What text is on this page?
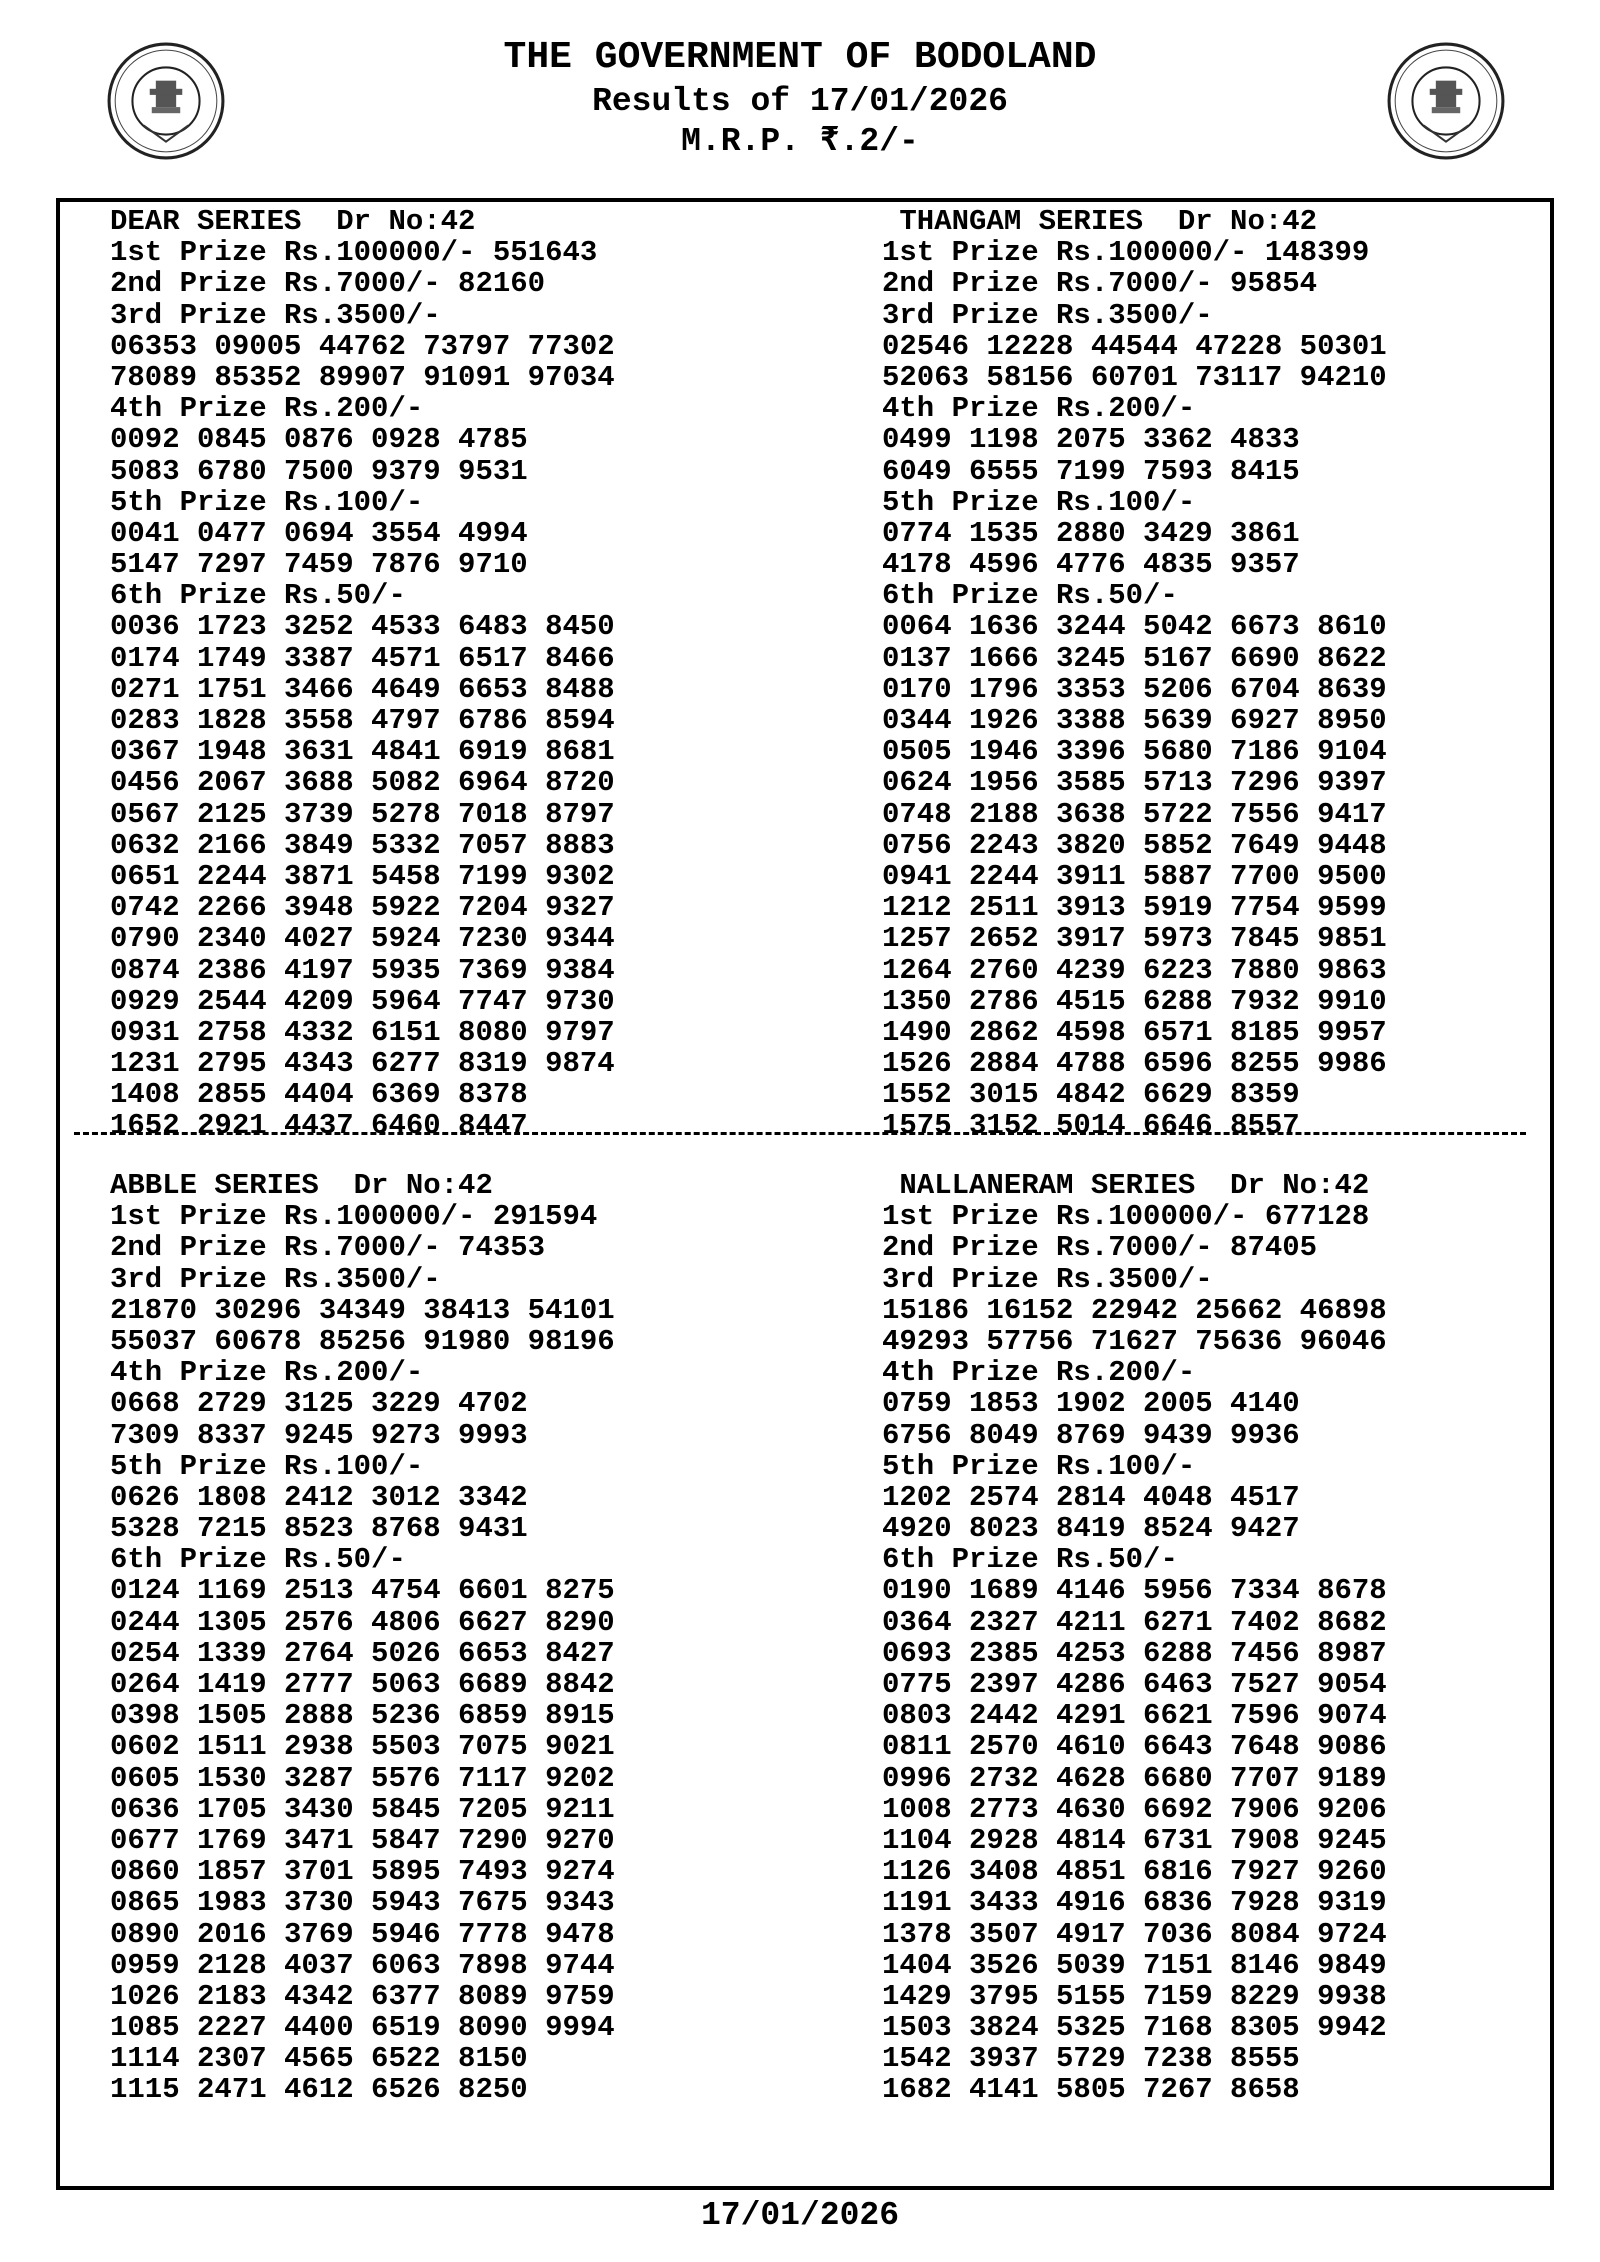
THE GOVERNMENT OF BODOLAND
Results of 17/01/2026
M.R.P. ₹.2/-
DEAR SERIES  Dr No:42
1st Prize Rs.100000/- 551643
2nd Prize Rs.7000/- 82160
3rd Prize Rs.3500/-
06353 09005 44762 73797 77302
78089 85352 89907 91091 97034
4th Prize Rs.200/-
0092 0845 0876 0928 4785
5083 6780 7500 9379 9531
5th Prize Rs.100/-
0041 0477 0694 3554 4994
5147 7297 7459 7876 9710
6th Prize Rs.50/-
0036 1723 3252 4533 6483 8450
0174 1749 3387 4571 6517 8466
0271 1751 3466 4649 6653 8488
0283 1828 3558 4797 6786 8594
0367 1948 3631 4841 6919 8681
0456 2067 3688 5082 6964 8720
0567 2125 3739 5278 7018 8797
0632 2166 3849 5332 7057 8883
0651 2244 3871 5458 7199 9302
0742 2266 3948 5922 7204 9327
0790 2340 4027 5924 7230 9344
0874 2386 4197 5935 7369 9384
0929 2544 4209 5964 7747 9730
0931 2758 4332 6151 8080 9797
1231 2795 4343 6277 8319 9874
1408 2855 4404 6369 8378
1652 2921 4437 6460 8447
THANGAM SERIES  Dr No:42
1st Prize Rs.100000/- 148399
2nd Prize Rs.7000/- 95854
3rd Prize Rs.3500/-
02546 12228 44544 47228 50301
52063 58156 60701 73117 94210
4th Prize Rs.200/-
0499 1198 2075 3362 4833
6049 6555 7199 7593 8415
5th Prize Rs.100/-
0774 1535 2880 3429 3861
4178 4596 4776 4835 9357
6th Prize Rs.50/-
0064 1636 3244 5042 6673 8610
0137 1666 3245 5167 6690 8622
0170 1796 3353 5206 6704 8639
0344 1926 3388 5639 6927 8950
0505 1946 3396 5680 7186 9104
0624 1956 3585 5713 7296 9397
0748 2188 3638 5722 7556 9417
0756 2243 3820 5852 7649 9448
0941 2244 3911 5887 7700 9500
1212 2511 3913 5919 7754 9599
1257 2652 3917 5973 7845 9851
1264 2760 4239 6223 7880 9863
1350 2786 4515 6288 7932 9910
1490 2862 4598 6571 8185 9957
1526 2884 4788 6596 8255 9986
1552 3015 4842 6629 8359
1575 3152 5014 6646 8557
ABBLE SERIES  Dr No:42
1st Prize Rs.100000/- 291594
2nd Prize Rs.7000/- 74353
3rd Prize Rs.3500/-
21870 30296 34349 38413 54101
55037 60678 85256 91980 98196
4th Prize Rs.200/-
0668 2729 3125 3229 4702
7309 8337 9245 9273 9993
5th Prize Rs.100/-
0626 1808 2412 3012 3342
5328 7215 8523 8768 9431
6th Prize Rs.50/-
0124 1169 2513 4754 6601 8275
0244 1305 2576 4806 6627 8290
0254 1339 2764 5026 6653 8427
0264 1419 2777 5063 6689 8842
0398 1505 2888 5236 6859 8915
0602 1511 2938 5503 7075 9021
0605 1530 3287 5576 7117 9202
0636 1705 3430 5845 7205 9211
0677 1769 3471 5847 7290 9270
0860 1857 3701 5895 7493 9274
0865 1983 3730 5943 7675 9343
0890 2016 3769 5946 7778 9478
0959 2128 4037 6063 7898 9744
1026 2183 4342 6377 8089 9759
1085 2227 4400 6519 8090 9994
1114 2307 4565 6522 8150
1115 2471 4612 6526 8250
NALLANERAM SERIES  Dr No:42
1st Prize Rs.100000/- 677128
2nd Prize Rs.7000/- 87405
3rd Prize Rs.3500/-
15186 16152 22942 25662 46898
49293 57756 71627 75636 96046
4th Prize Rs.200/-
0759 1853 1902 2005 4140
6756 8049 8769 9439 9936
5th Prize Rs.100/-
1202 2574 2814 4048 4517
4920 8023 8419 8524 9427
6th Prize Rs.50/-
0190 1689 4146 5956 7334 8678
0364 2327 4211 6271 7402 8682
0693 2385 4253 6288 7456 8987
0775 2397 4286 6463 7527 9054
0803 2442 4291 6621 7596 9074
0811 2570 4610 6643 7648 9086
0996 2732 4628 6680 7707 9189
1008 2773 4630 6692 7906 9206
1104 2928 4814 6731 7908 9245
1126 3408 4851 6816 7927 9260
1191 3433 4916 6836 7928 9319
1378 3507 4917 7036 8084 9724
1404 3526 5039 7151 8146 9849
1429 3795 5155 7159 8229 9938
1503 3824 5325 7168 8305 9942
1542 3937 5729 7238 8555
1682 4141 5805 7267 8658
17/01/2026
